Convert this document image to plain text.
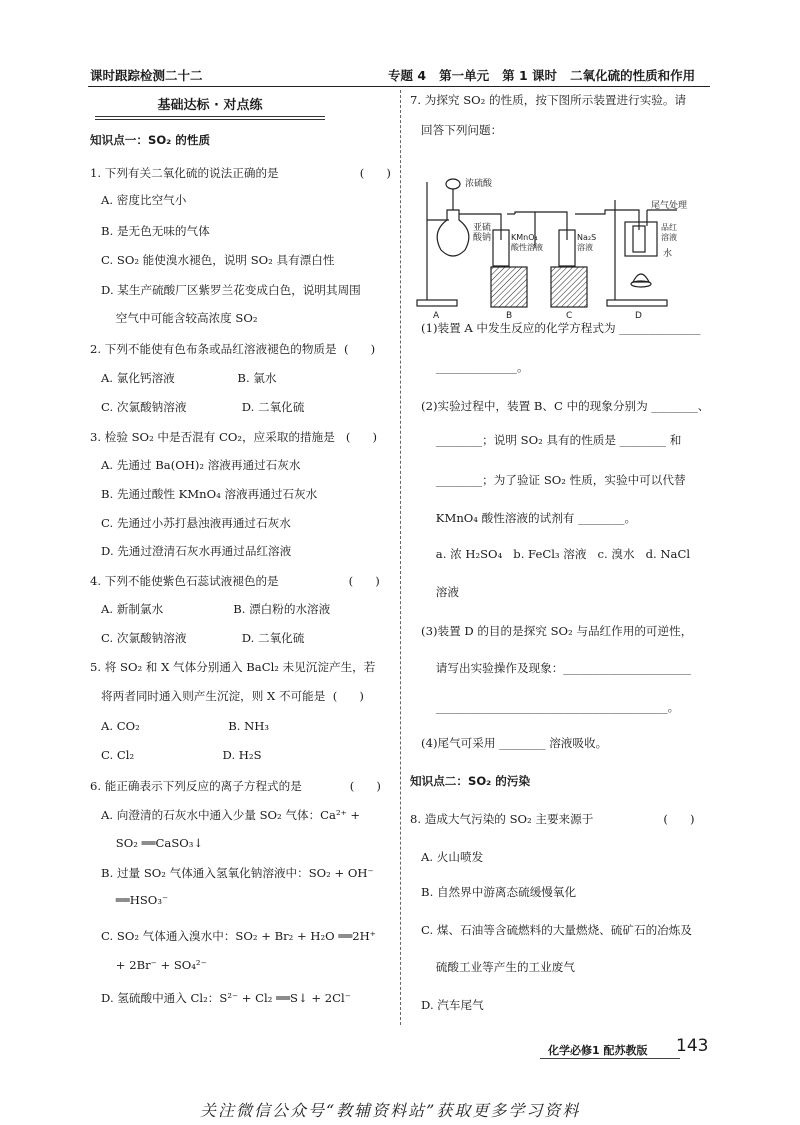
课时跟踪检测二十二	专题 4   第一单元   第 1 课时   二氧化硫的性质和作用
基础达标 · 对点练
知识点一：SO₂ 的性质
1. 下列有关二氧化硫的说法正确的是                      (      )
A. 密度比空气小
B. 是无色无味的气体
C. SO₂ 能使溴水褪色，说明 SO₂ 具有漂白性
D. 某生产硫酸厂区紫罗兰花变成白色，说明其周围
空气中可能含较高浓度 SO₂
2. 下列不能使有色布条或品红溶液褪色的物质是  (      )
A. 氯化钙溶液                 B. 氯水
C. 次氯酸钠溶液               D. 二氧化硫
3. 检验 SO₂ 中是否混有 CO₂，应采取的措施是   (      )
A. 先通过 Ba(OH)₂ 溶液再通过石灰水
B. 先通过酸性 KMnO₄ 溶液再通过石灰水
C. 先通过小苏打悬浊液再通过石灰水
D. 先通过澄清石灰水再通过品红溶液
4. 下列不能使紫色石蕊试液褪色的是                   (      )
A. 新制氯水                   B. 漂白粉的水溶液
C. 次氯酸钠溶液               D. 二氧化硫
5. 将 SO₂ 和 X 气体分别通入 BaCl₂ 未见沉淀产生，若
将两者同时通入则产生沉淀，则 X 不可能是  (      )
A. CO₂                        B. NH₃
C. Cl₂                        D. H₂S
6. 能正确表示下列反应的离子方程式的是             (      )
A. 向澄清的石灰水中通入少量 SO₂ 气体：Ca²⁺ +
SO₂ ══CaSO₃↓
B. 过量 SO₂ 气体通入氢氧化钠溶液中：SO₂ + OH⁻
══HSO₃⁻
C. SO₂ 气体通入溴水中：SO₂ + Br₂ + H₂O ══2H⁺
+ 2Br⁻ + SO₄²⁻
D. 氢硫酸中通入 Cl₂：S²⁻ + Cl₂ ══S↓ + 2Cl⁻
7. 为探究 SO₂ 的性质，按下图所示装置进行实验。请
回答下列问题：
(1)装置 A 中发生反应的化学方程式为 ______________
______________。
(2)实验过程中，装置 B、C 中的现象分别为 ________、
________；说明 SO₂ 具有的性质是 ________ 和
________；为了验证 SO₂ 性质，实验中可以代替
KMnO₄ 酸性溶液的试剂有 ________。
a. 浓 H₂SO₄   b. FeCl₃ 溶液   c. 溴水   d. NaCl
溶液
(3)装置 D 的目的是探究 SO₂ 与品红作用的可逆性，
请写出实验操作及现象：______________________
________________________________________。
(4)尾气可采用 ________ 溶液吸收。
知识点二：SO₂ 的污染
8. 造成大气污染的 SO₂ 主要来源于                   (      )
A. 火山喷发
B. 自然界中游离态硫缓慢氧化
C. 煤、石油等含硫燃料的大量燃烧、硫矿石的冶炼及
硫酸工业等产生的工业废气
D. 汽车尾气
浓硫酸
亚硫酸钠 KMnO₄ 酸性溶液
Na₂S 溶液
尾气处理
品红溶液
水
A	B	C	D
化学必修1 配苏教版 143
关注微信公众号“教辅资料站”获取更多学习资料
